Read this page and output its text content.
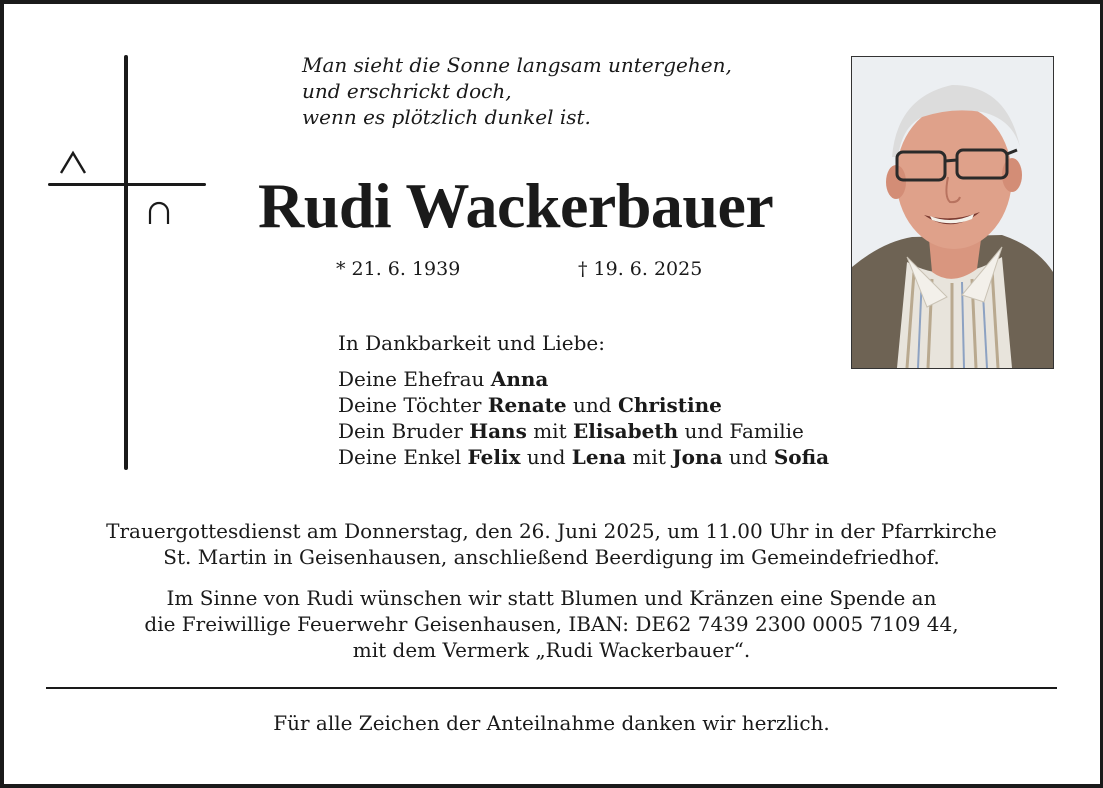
Man sieht die Sonne langsam untergehen,
und erschrickt doch,
wenn es plötzlich dunkel ist.

Rudi Wackerbauer
* 21. 6. 1939	† 19. 6. 2025
In Dankbarkeit und Liebe:
Deine Ehefrau Anna
Deine Töchter Renate und Christine
Dein Bruder Hans mit Elisabeth und Familie
Deine Enkel Felix und Lena mit Jona und Sofia
Trauergottesdienst am Donnerstag, den 26. Juni 2025, um 11.00 Uhr in der Pfarrkirche
St. Martin in Geisenhausen, anschließend Beerdigung im Gemeindefriedhof.
Im Sinne von Rudi wünschen wir statt Blumen und Kränzen eine Spende an
die Freiwillige Feuerwehr Geisenhausen, IBAN: DE62 7439 2300 0005 7109 44,
mit dem Vermerk „Rudi Wackerbauer“.
Für alle Zeichen der Anteilnahme danken wir herzlich.
